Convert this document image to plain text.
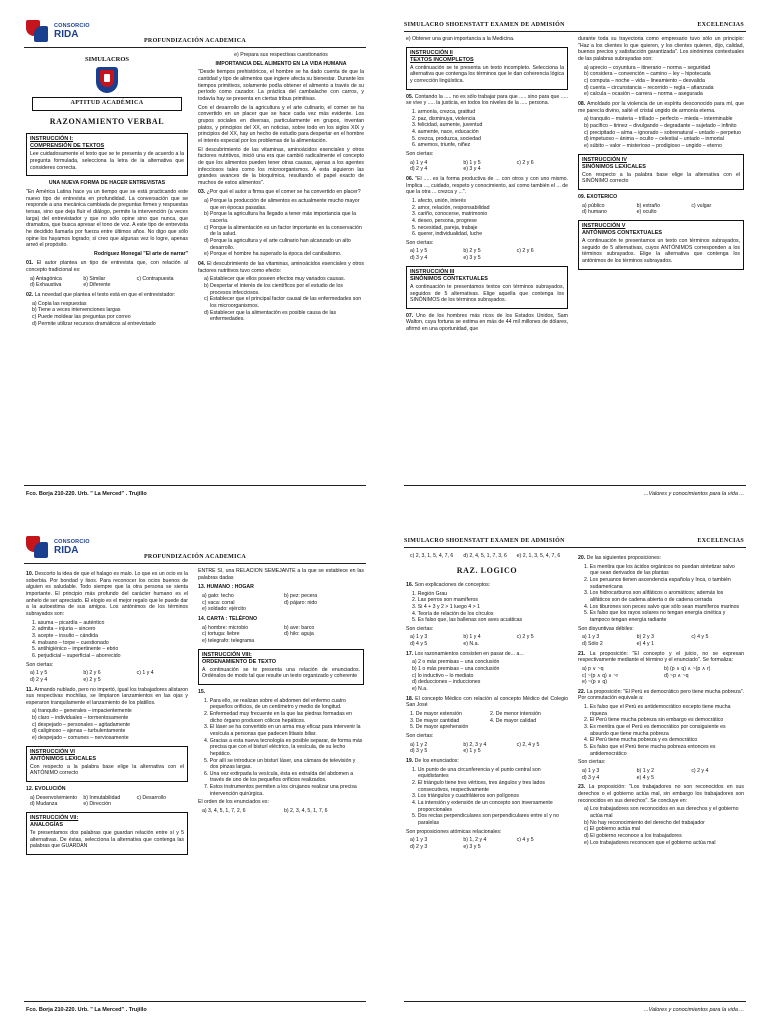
CONSORCIO
RIDA
PROFUNDIZACIÓN ACADEMICA
SIMULACROS
APTITUD ACADÉMICA
RAZONAMIENTO VERBAL
INSTRUCCIÓN I:
COMPRENSIÓN DE TEXTOS

Lee cuidadosamente el texto que se te presenta y de acuerdo a la pregunta formulada, selecciona la letra de la alternativa que consideres correcta.

UNA NUEVA FORMA DE HACER ENTREVISTAS

"En América Latina hace ya un tiempo que se está practicando este nuevo tipo de entrevista en profundidad. La conversación que se responde a una mecánica cambiada de preguntas firmes y respuestas tersas, sino que deja fluir el diálogo, permite la intervención (a veces larga) del entrevistador y que no sólo opine sino que nunca, que dramatiza, que busca apresar el tono de voz. A este tipo de entrevista he decidido llamarla por fuerza entre últimos años. No digo que sólo opine los hayamos logrado; sí creo que algunas vez lo logre, apenas arreó el propósito.

Rodríguez Monegal "El arte de narrar"

01. El autor plantea un tipo de entrevista que, con relación al concepto tradicional es:

a) Antagónica	b) Similar	c) Contrapuesta
d) Exhaustiva	e) Diferente

02. La novedad que plantea el texto está en que el entrevistador:

a) Copia las respuestas
b) Tiene a veces intervenciones largas
c) Puede moldear las preguntas por correo
d) Permite utilizar recursos dramáticos al entrevistado

e) Prepara sus respectivas cuestionarios

IMPORTANCIA DEL ALIMENTO EN LA VIDA HUMANA

"Desde tiempos prehistóricos, el hombre se ha dado cuenta de que la cantidad y tipo de alimentos que ingiere afecta su bienestar. Durante los tiempos primitivos, solamente podía obtener el alimento a través de su período como cazador. La práctica del cambalache con carros, y todavía hay se presenta en ciertas tribus primitivas.

Con el desarrollo de la agricultura y el arte culinario, el comer se ha convertido en un placer que se hace cada vez más evidente. Los grupos sociales en diversas, particularmente en grupos, inventan platos, y principios del XX, en noticias, sobre todo en los siglos XIX y principios del XX, hay un hecho de estudio para despertar en el hombre el interés especial por los problemas de la alimentación.

El descubrimiento de las vitaminas, aminoácidos esenciales y otros factores nutritivos, inició una era que cambió radicalmente el concepto de que los alimentos pueden tener otras causas, ajenas a los agentes infecciosos tales como los microorganismos. A esta siguieron las grandes avances de la bioquímica, resultando el papel exacto de muchos de estos alimentos".

03. ¿Por qué el autor a firma que el comer se ha convertido en placer?

a) Porque la producción de alimentos es actualmente mucho mayor que en épocas pasadas.
b) Porque la agricultura ha llegado a tener más importancia que la cacería.
c) Porque la alimentación es un factor importante en la conservación de la salud.
d) Porque la agricultura y el arte culinario han alcanzado un alto desarrollo.
e) Porque el hombre ha superado la época del canibalismo.

04. El descubrimiento de las vitaminas, aminoácidos esenciales y otros factores nutritivos tuvo como efecto:

a) Establecer que ellos poseen efectos muy variados causas.
b) Despertar el interés de los científicos por el estudio de los procesos infecciosos.
c) Establecer que el principal factor causal de las enfermedades son los microorganismos.
d) Establecer que la alimentación es posible causa de las enfermedades.
Fco. Borja 210-220. Urb. " La Merced" . Trujillo
SIMULACRO SHOENSTATT EXAMEN DE ADMISIÓN	EXCELENCIAS

e) Obtener una gran importancia a la Medicina.

INSTRUCCIÓN II
TEXTOS INCOMPLETOS

A continuación se te presenta un texto incompleto. Selecciona la alternativa que contenga los términos que le dan coherencia lógica y corrección lingüística.

05. Contando la ..... no es sólo trabajar para que ..... sino para que ..... se vive y ..... la justicia, en todos los niveles de la ..... persona.

1. armonía, crezca, gratitud
2. paz, disminuya, violencia
3. felicidad, aumente, juventud
4. aumente, nace, educación
5. crezca, produzca, sociedad
6. amemos, triunfe, niñez

Son ciertas:

a) 1 y 4	b) 1 y 5	c) 2 y 6
d) 2 y 4	e) 3 y 4

06. "El ..... es la forma productiva de ... con otros y con uno mismo. Implica ..., cuidado, respeto y conocimiento, así como también el ... de que la otra ... crezca y ...".

1. afecto, unión, interés
2. amor, relación, responsabilidad
3. cariño, conocerse, matrimonio
4. deseo, persona, progrese
5. necesidad, pareja, trabaje
6. querer, individualidad, luche

Son ciertas:

a) 1 y 5	b) 2 y 5	c) 2 y 6
d) 3 y 4	e) 3 y 5
INSTRUCCIÓN III
SINÓNIMOS CONTEXTUALES

A continuación te presentamos textos con términos subrayados, seguidos de 5 alternativas. Elige aquella que contenga los SINÓNIMOS de los términos subrayados.

07. Uno de los hombres más ricos de los Estados Unidos, Sam Walton, cuya fortuna se estima en más de 44 mil millones de dólares, afirmó en una oportunidad, que

durante toda su trayectoria como empresario tuvo sólo un principio: "Haz a los clientes lo que quieren, y los clientes quieren, dijo, calidad, buenos precios y satisfacción garantizada". Los sinónimos contextuales de las palabras subrayadas son:

a) aprecio – coyuntura – itinerario – norma – seguridad
b) considera – convención – camino – ley – hipotecada
c) computa – noche – vida – lineamiento – desvalida
d) cuenta – circunstancia – recorrido – regla – afianzada
e) calcula – ocasión – carrera – norma – asegurada

08. Amoldado por la violencia de un espíritu desconocido para mí, que me parecía divino, salté el cristal ungido de armonía eterna.

a) tranquilo – materia – trillado – perfecto – mieda – interminable
b) pacífico – tirinez – divulgando – degradante – sujetado – infinito
c) precipitado – aíma – ignorado – sobrenatural – untado – perpetuo
d) impetuoso – ánima – oculto – celestial – untado – inmortal
e) súbito – valor – misterioso – prodigioso – ungido – eterno
INSTRUCCIÓN IV
SINÓNIMOS LEXICALES

Con respecto a la palabra base elige la alternativa con el SINÓNIMO correcto

09. EXOTERICO

a) público	b) extraño	c) vulgar
d) humano	e) oculto
INSTRUCCIÓN V
ANTÓNIMOS CONTEXTUALES

A continuación te presentamos un texto con términos subrayados, seguido de 5 alternativas, cuyos ANTÓNIMOS corresponden a los términos subrayados. Elige la alternativa que contenga los antónimos de los términos subrayados.

...Valores y conocimientos para la vida ...
CONSORCIO
RIDA
PROFUNDIZACIÓN ACADEMICA

10. Descorto la idea de que el halago es malo. Lo que es un ocio es la soberbia. Por bondad y lisos. Para reconocer los ocios buenos de alguien es saludable. Todo siempre que la otra persona se sienta importante. El principio más profundo del carácter humano es el anhelo de ser apreciado. El elogio es el mejor regalo que le puede dar a la autoestima de sus amigos. Los antónimos de los términos subrayados son:

1. asuma – picardía – auténtico
2. admita – injuria – sincero
3. acepte – insulto – cándida
4. malsano – torpe – cuestionado
5. antihigiénico – impertinente – ebrio
6. perjudicial – superficial – aborrecido

Son ciertas:

a) 1 y 5	b) 2 y 6	c) 1 y 4
d) 2 y 4	e) 2 y 5

11. Armando nublado, pero no impertó, igual los trabajadores alistaron sus respectivas mochilas, se limpiaron lanzamientos en las ojas y esperaron tranquilamente el lanzamiento de los platillos.

a) tranquilo – generales – impacientemente
b) claro – individuales – tormentosamente
c) despejado – personales – agitadamente
d) caliginoso – ajenas – turbulentamente
e) despejado – comunes – nerviosamente
INSTRUCCIÓN VI
ANTÓNIMOS LEXICALES

Con respecto a la palabra base elige la alternativa con el ANTÓNIMO correcto

12. EVOLUCIÓN

a) Desenvolvimiento	b) Inmutabilidad	c) Desarrollo
d) Mudanza	e) Dirección
INSTRUCCIÓN VII:
ANALOGÍAS

Te presentamos dos palabras que guardan relación entre sí y 5 alternativas. De éstas, selecciona la alternativa que contenga las palabras que GUARDAN

ENTRE SÍ, una RELACIÓN SEMEJANTE a la que se establece en las palabras dadas

13. HUMANO : HOGAR

a) gato: techo	b) pez: pecera
c) vaca: corral	d) pájaro: nido
e) soldado: ejército

14. CARTA : TELÉFONO

a) hombre: microbio	b) ave: barco
c) tortuga: liebre	d) hilo: aguja
e) telegrafo: telegrama
INSTRUCCIÓN VIII:
ORDENAMIENTO DE TEXTO

A continuación se te presenta una relación de enunciados. Ordénalos de modo tal que resulte un texto organizado y coherente

15.

1. Para ello, se realizan sobre el abdomen del enfermo cuatro pequeños orificios, de un centímetro y medio de longitud.
2. Enfermedad muy frecuente en la que las piedras formadas en dicho órgano producen cólicos hepáticos.
3. El láser se ha convertido en un arma muy eficaz para intervenir la vesícula a personas que padecen litiasis biliar.
4. Gracias a esta nueva tecnología es posible separar, de forma más precisa que con el bisturí eléctrico, la vesícula, de su lecho hepático.
5. Por allí se introduce un bisturí láser, una cámara de televisión y dos pinzas largas.
6. Una vez extirpada la vesícula, ésta es extraída del abdomen a través de uno de los pequeños orificios realizados.
7. Estos instrumentos permiten a los cirujanos realizar una precisa intervención quirúrgica.

El orden de los enunciados es:

a) 3, 4, 5, 1, 7, 2, 6	b) 2, 3, 4, 5, 1, 7, 6
Fco. Borja 210-220. Urb. " La Merced" . Trujillo
SIMULACRO SHOENSTATT EXAMEN DE ADMISIÓN	EXCELENCIAS
c) 2, 3, 1, 5, 4, 7, 6	d) 2, 4, 5, 1, 7, 3, 6	e) 2, 1, 3, 5, 4, 7, 6
RAZ. LOGICO

16. Son explicaciones de conceptos:

1. Región Grau
2. Las perros son mamíferos
3. Si 4 + 3 y 2 > 1 luego 4 > 1
4. Teoría de relación de los círculos
5. Es falso que, las ballenas son aves acuáticas

Son ciertas:

a) 1 y 3	b) 1 y 4	c) 2 y 5
d) 4 y 5	e) N.a.

17. Los razonamientos consisten en pasar de... a...

a) 2 o más premisas – una conclusión
b) 1 o más premisas – una conclusión
c) lo inductivo – lo mediato
d) deducciones – inducciones
e) N.a.

18. El concepto Médico con relación al concepto Médico del Colegio San José

1. De mayor extensión	2. De menor intensión
3. De mayor cantidad	4. De mayor calidad
5. De mayor aprehensión

Son ciertas:

a) 1 y 2	b) 2, 3 y 4	c) 2, 4 y 5
d) 3 y 5	e) 1 y 5

19. De los enunciados:

1. Un punto de una circunferencia y el punto central son equidistantes
2. El triángulo tiene tres vértices, tres ángulos y tres lados consecutivos, respectivamente
3. Los triángulos y cuadriláteros son polígonos
4. La intensión y extensión de un concepto son inversamente proporcionales
5. Dos rectas perpendiculares son perpendiculares entre sí y no paralelas

Son proposiciones atómicas relacionales:

a) 1 y 3	b) 1, 2 y 4	c) 4 y 5
d) 2 y 3	e) 3 y 5

20. De las siguientes proposiciones:

1. Es mentira que los ácidos orgánicos no puedan sintetizar salvo que sean derivados de las plantas
2. Los peruanos tienen ascendencia española y Inca, o también sudamericana
3. Los hidrocarburos son alifáticos o aromáticos; además los alifáticos son de cadena abierta o de cadena cerrada
4. Los tiburones son peces salvo que sólo sean mamíferos marinos
5. Es falso que los rayos solares no tengan energía cinética y tampoco tengan energía radiante

Son disyuntivas débiles:

a) 1 y 3	b) 2 y 3	c) 4 y 5
d) Sólo 2	e) 4 y 1

21. La proposición: "El concepto y el juicio, no se expresan respectivamente mediante el término y el enunciado". Se formaliza:

a) p ∨ ~q	b) (p ∧ q) ∧ ~(p ∧ r)
c) ~(p ∧ q) ∧ ~r	d) ~p ∧ ~q
e) ~(p ∨ q)

22. La proposición: "El Perú es democrático pero tiene mucha pobreza". Por conmutación equivale a:

1. Es falso que el Perú es antidemocrático excepto tiene mucha riqueza
2. El Perú tiene mucha pobreza sin embargo es democrático
3. Es mentira que el Perú es democrático por consiguiente es absurdo que tiene mucha pobreza
4. El Perú tiene mucha pobreza y es democrático
5. Es falso que el Perú tiene mucha pobreza entonces es antidemocrático

Son ciertas:

a) 1 y 3	b) 1 y 2	c) 2 y 4
d) 3 y 4	e) 4 y 5

23. La proposición: "Los trabajadores no son reconocidos en sus derechos o el gobierno actúa mal, sin embargo los trabajadores son reconocidos en sus derechos". Se concluye en:

a) Los trabajadores son reconocidos en sus derechos y el gobierno actúa mal
b) No hay reconocimiento del derecho del trabajador
c) El gobierno actúa mal
d) El gobierno reconoce a los trabajadores
e) Los trabajadores reconocen que el gobierno actúa mal
...Valores y conocimientos para la vida ...
